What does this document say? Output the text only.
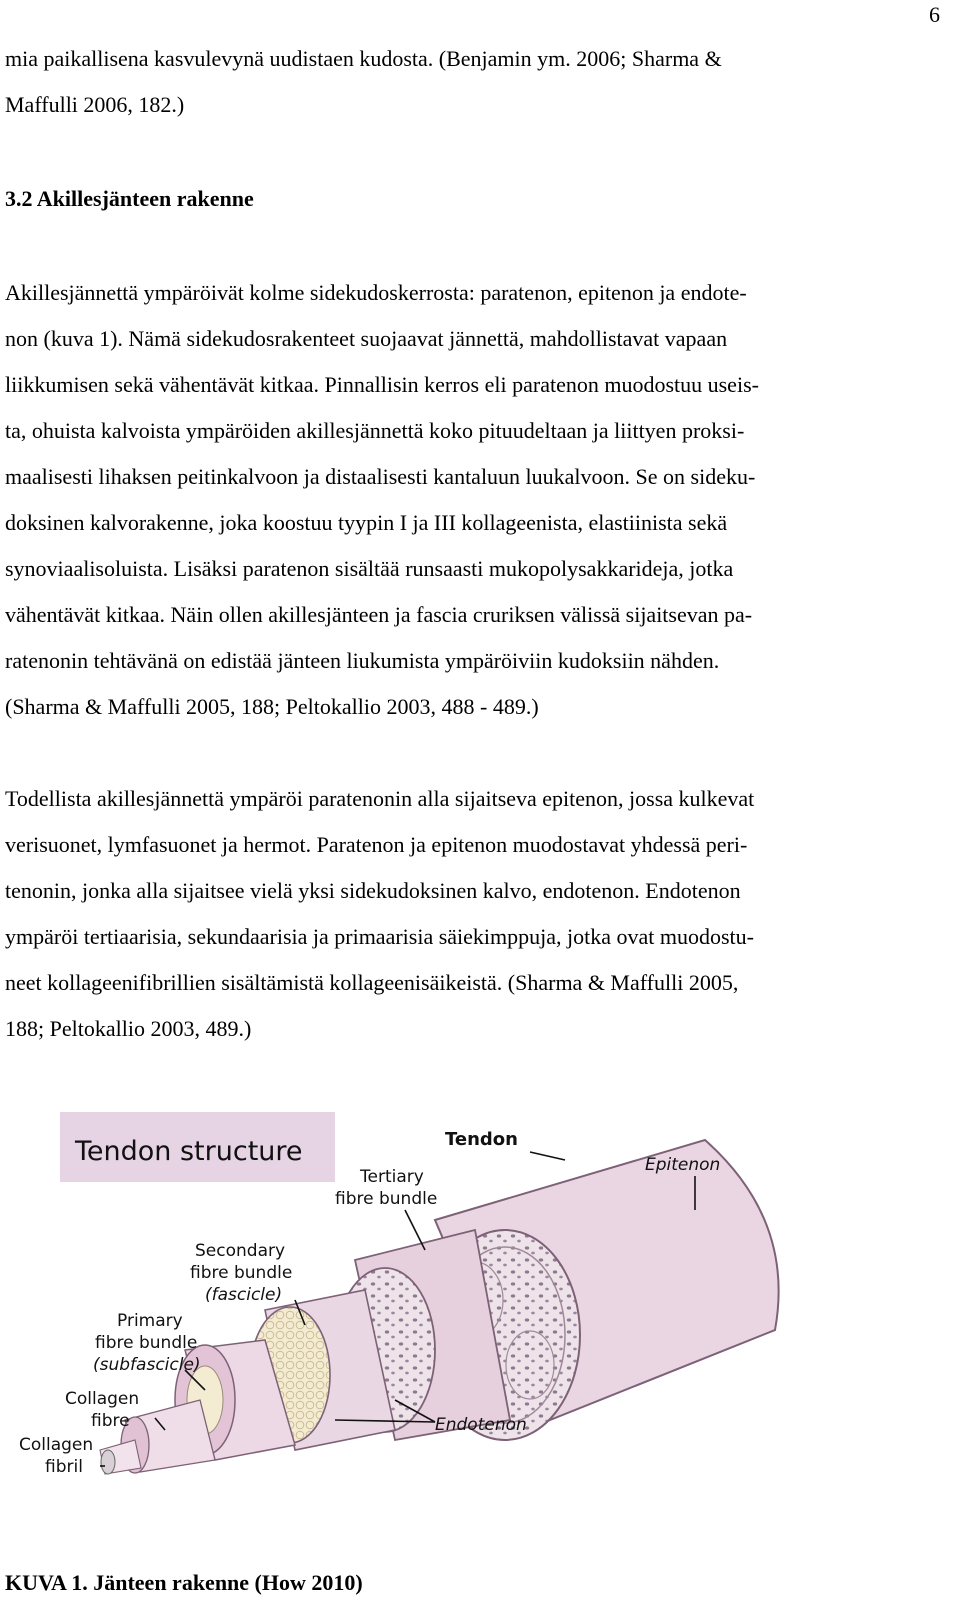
6
mia paikallisena kasvulevynä uudistaen kudosta. (Benjamin ym. 2006; Sharma &
Maffulli 2006, 182.)
3.2 Akillesjänteen rakenne
Akillesjännettä ympäröivät kolme sidekudoskerrosta: paratenon, epitenon ja endote-
non (kuva 1). Nämä sidekudosrakenteet suojaavat jännettä, mahdollistavat vapaan
liikkumisen sekä vähentävät kitkaa. Pinnallisin kerros eli paratenon muodostuu useis-
ta, ohuista kalvoista ympäröiden akillesjännettä koko pituudeltaan ja liittyen proksi-
maalisesti lihaksen peitinkalvoon ja distaalisesti kantaluun luukalvoon. Se on sideku-
doksinen kalvorakenne, joka koostuu tyypin I ja III kollageenista, elastiinista sekä
synoviaalisoluista. Lisäksi paratenon sisältää runsaasti mukopolysakkarideja, jotka
vähentävät kitkaa. Näin ollen akillesjänteen ja fascia cruriksen välissä sijaitsevan pa-
ratenonin tehtävänä on edistää jänteen liukumista ympäröiviin kudoksiin nähden.
(Sharma & Maffulli 2005, 188; Peltokallio 2003, 488 - 489.)
Todellista akillesjännettä ympäröi paratenonin alla sijaitseva epitenon, jossa kulkevat
verisuonet, lymfasuonet ja hermot. Paratenon ja epitenon muodostavat yhdessä peri-
tenonin, jonka alla sijaitsee vielä yksi sidekudoksinen kalvo, endotenon. Endotenon
ympäröi tertiaarisia, sekundaarisia ja primaarisia säiekimppuja, jotka ovat muodostu-
neet kollageenifibrillien sisältämistä kollageenisäikeistä. (Sharma & Maffulli 2005,
188; Peltokallio 2003, 489.)
Tendon structure	Tendon
Epitenon
Tertiary
fibre bundle
Secondary
fibre bundle
(fascicle)
Primary
fibre bundle
(subfascicle)
Collagen
fibre
Collagen
fibril
Endotenon
KUVA 1. Jänteen rakenne (How 2010)
